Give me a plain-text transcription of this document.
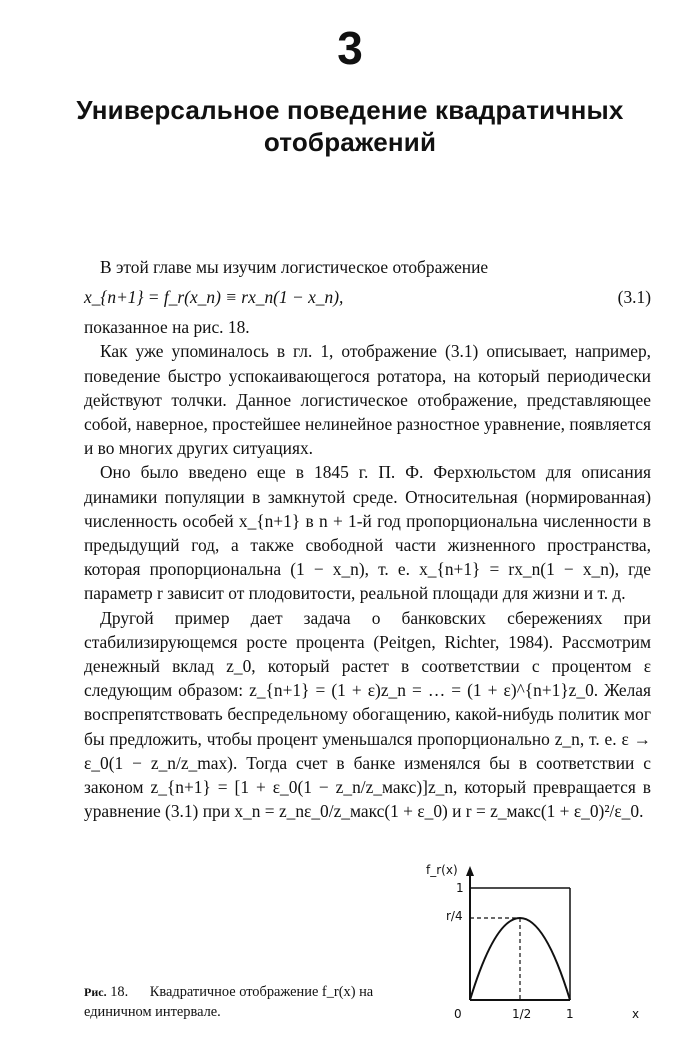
3
Универсальное поведение квадратичных
отображений

В этой главе мы изучим логистическое отображение

x_{n+1} = f_r(x_n) ≡ rx_n(1 − x_n),	(3.1)

показанное на рис. 18.

Как уже упоминалось в гл. 1, отображение (3.1) описывает, например, поведение быстро успокаивающегося ротатора, на который периодически действуют толчки. Данное логистическое отображение, представляющее собой, наверное, простейшее нелинейное разностное уравнение, появляется и во многих других ситуациях.

Оно было введено еще в 1845 г. П. Ф. Ферхюльстом для описания динамики популяции в замкнутой среде. Относительная (нормированная) численность особей x_{n+1} в n + 1-й год пропорциональна численности в предыдущий год, а также свободной части жизненного пространства, которая пропорциональна (1 − x_n), т. е. x_{n+1} = rx_n(1 − x_n), где параметр r зависит от плодовитости, реальной площади для жизни и т. д.

Другой пример дает задача о банковских сбережениях при стабилизирующемся росте процента (Peitgen, Richter, 1984). Рассмотрим денежный вклад z_0, который растет в соответствии с процентом ε следующим образом: z_{n+1} = (1 + ε)z_n = … = (1 + ε)^{n+1}z_0. Желая воспрепятствовать беспредельному обогащению, какой-нибудь политик мог бы предложить, чтобы процент уменьшался пропорционально z_n, т. е. ε → ε_0(1 − z_n/z_max). Тогда счет в банке изменялся бы в соответствии с законом z_{n+1} = [1 + ε_0(1 − z_n/z_макс)]z_n, который превращается в уравнение (3.1) при x_n = z_nε_0/z_макс(1 + ε_0) и r = z_макс(1 + ε_0)²/ε_0.

f_r(x)
1
r/4
0	1/2	1	x
Рис. 18. Квадратичное отображение f_r(x) на единичном интервале.
